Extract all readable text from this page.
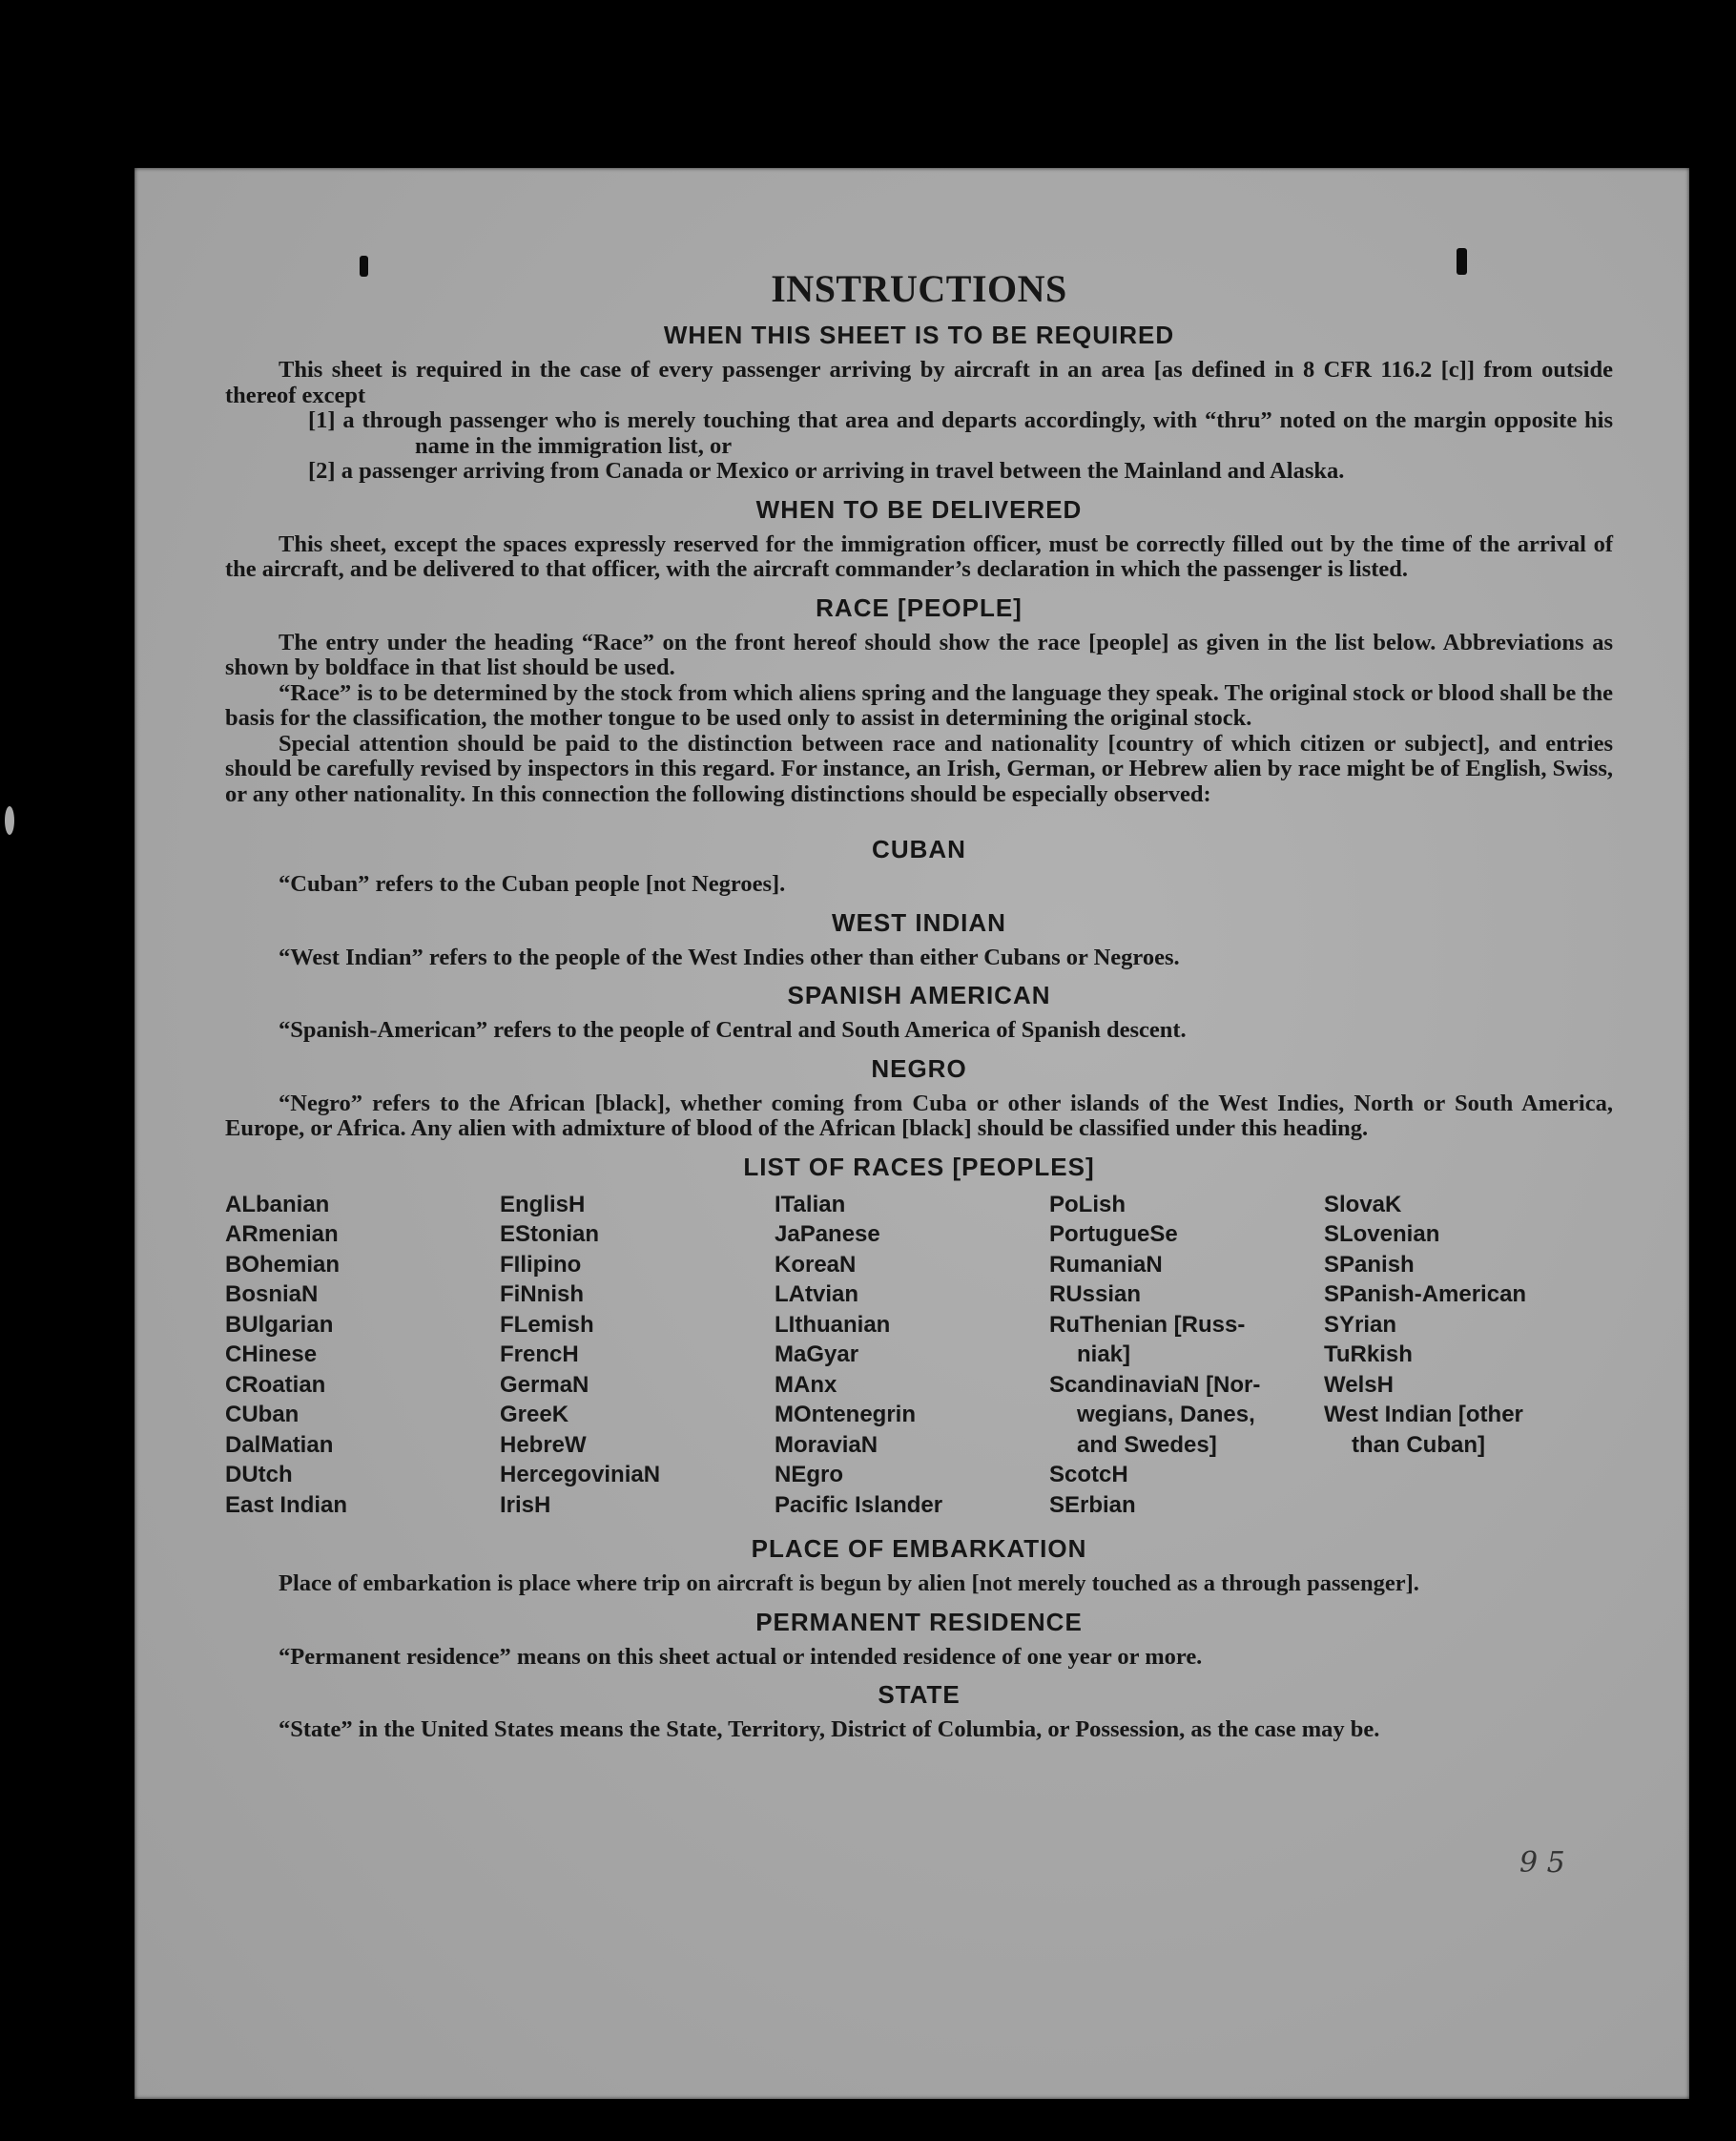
INSTRUCTIONS
WHEN THIS SHEET IS TO BE REQUIRED

This sheet is required in the case of every passenger arriving by aircraft in an area [as defined in 8 CFR 116.2 [c]] from outside thereof except

[1] a through passenger who is merely touching that area and departs accordingly, with “thru” noted on the margin opposite his name in the immigration list, or

[2] a passenger arriving from Canada or Mexico or arriving in travel between the Mainland and Alaska.

WHEN TO BE DELIVERED

This sheet, except the spaces expressly reserved for the immigration officer, must be correctly filled out by the time of the arrival of the aircraft, and be delivered to that officer, with the aircraft commander’s declaration in which the passenger is listed.

RACE [PEOPLE]

The entry under the heading “Race” on the front hereof should show the race [people] as given in the list below. Abbreviations as shown by boldface in that list should be used.

“Race” is to be determined by the stock from which aliens spring and the language they speak. The original stock or blood shall be the basis for the classification, the mother tongue to be used only to assist in determining the original stock.

Special attention should be paid to the distinction between race and nationality [country of which citizen or subject], and entries should be carefully revised by inspectors in this regard. For instance, an Irish, German, or Hebrew alien by race might be of English, Swiss, or any other nationality. In this connection the following distinctions should be especially observed:

CUBAN

“Cuban” refers to the Cuban people [not Negroes].

WEST INDIAN

“West Indian” refers to the people of the West Indies other than either Cubans or Negroes.

SPANISH AMERICAN

“Spanish-American” refers to the people of Central and South America of Spanish descent.

NEGRO

“Negro” refers to the African [black], whether coming from Cuba or other islands of the West Indies, North or South America, Europe, or Africa. Any alien with admixture of blood of the African [black] should be classified under this heading.

LIST OF RACES [PEOPLES]
ALbanian
ARmenian
BOhemian
BosniaN
BUlgarian
CHinese
CRoatian
CUban
DalMatian
DUtch
East Indian
EnglisH
EStonian
FIlipino
FiNnish
FLemish
FrencH
GermaN
GreeK
HebreW
HercegoviniaN
IrisH
ITalian
JaPanese
KoreaN
LAtvian
LIthuanian
MaGyar
MAnx
MOntenegrin
MoraviaN
NEgro
Pacific Islander
PoLish
PortugueSe
RumaniaN
RUssian
RuThenian [Russ-
niak]
ScandinaviaN [Nor-
wegians, Danes,
and Swedes]
ScotcH
SErbian
SlovaK
SLovenian
SPanish
SPanish-American
SYrian
TuRkish
WelsH
West Indian [other
than Cuban]
PLACE OF EMBARKATION

Place of embarkation is place where trip on aircraft is begun by alien [not merely touched as a through passenger].

PERMANENT RESIDENCE

“Permanent residence” means on this sheet actual or intended residence of one year or more.

STATE

“State” in the United States means the State, Territory, District of Columbia, or Possession, as the case may be.

9 5
